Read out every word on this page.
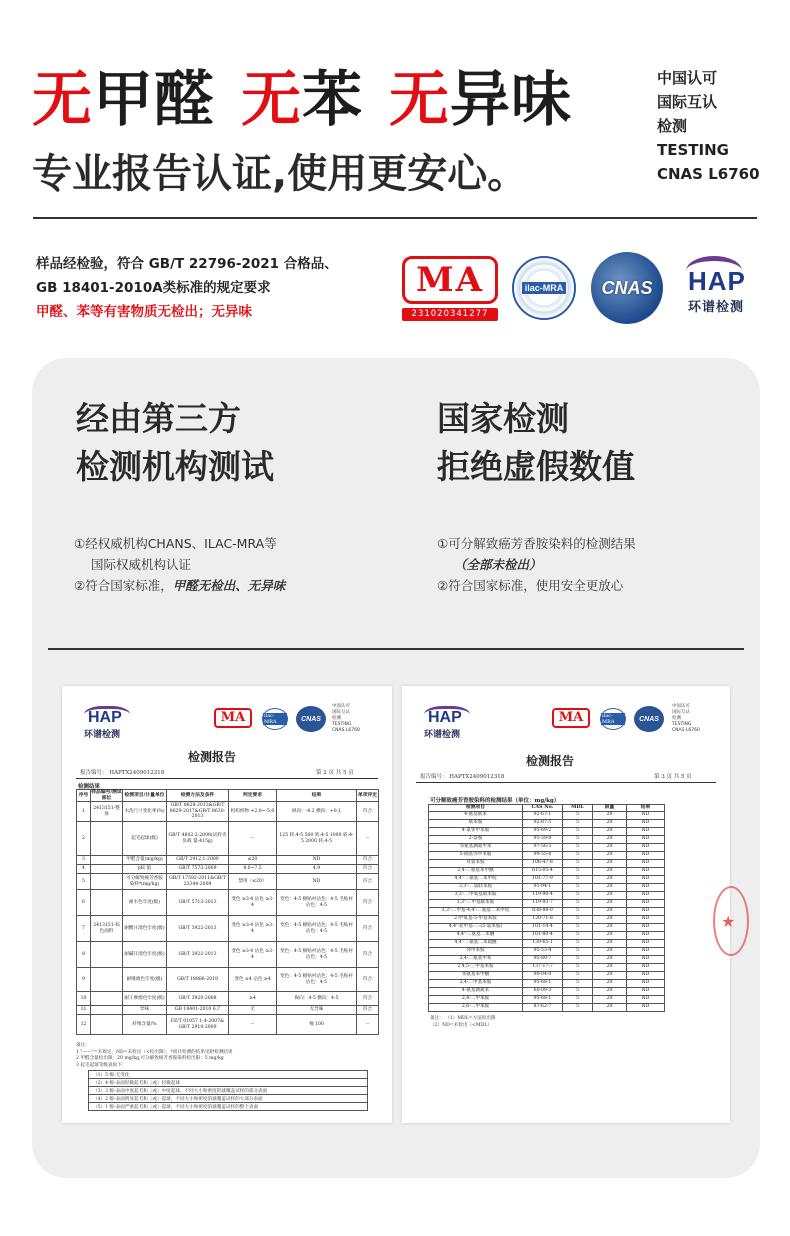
无甲醛 无苯 无异味
专业报告认证,使用更安心。
中国认可
国际互认
检测
TESTING
CNAS L6760
样品经检验，符合 GB/T 22796-2021 合格品、
GB 18401-2010A类标准的规定要求
甲醛、苯等有害物质无检出；无异味
MA
231020341277
ilac-MRA CNAS HAP
环谱检测
经由第三方
检测机构测试
国家检测
拒绝虚假数值
①经权威机构CHANS、ILAC-MRA等
国际权威机构认证
②符合国家标准，甲醛无检出、无异味
①可分解致癌芳香胺染料的检测结果
（全部未检出）
②符合国家标准，使用安全更放心
HAP
环谱检测
MA	ilac-MRA	CNAS
中国认可
国际互认
检测
TESTING
CNAS L6760
检测报告
报告编号： HAPTX2409012318	第 2 页 共 5 页
检测结果
序号	样品编号/测试部位	检测项目/计量单位	检测方法及条件	判定要求	结果	单项评定
1	2413151-整体	水洗尺寸变化率(%)	GB/T 8628-2013&GB/T 8629-2017&GB/T 8630-2013	机织织物 +2.0~-5.0	纵向：-4.2 横向：+0.1	符合
2		起毛起球(级)	GB/T 4802.2-2008(试样夹负载 量:415g)	--	125 转:4-5 500 转:4-5 1000 转:4-5 2000 转:4-5	--
3		甲醛含量(mg/kg)	GB/T 2912.1-2009	≤20	ND	符合
4		pH 值	GB/T 7573-2009	4.0~7.5	4.9	符合
5		可分解致癌芳香胺染料*(mg/kg)	GB/T 17592-2011&GB/T 23344-2009	禁用（≤20）	ND	符合
6		耐水色牢度(级)	GB/T 5713-2013	变色 ≥3-4 沾色 ≥3-4	变色：4-5 棉贴衬沾色：4-5 毛贴衬沾色：4-5	符合
7	2413151-棕色面料	耐酸汗渍色牢度(级)	GB/T 3922-2013	变色 ≥3-4 沾色 ≥3-4	变色：4-5 棉贴衬沾色：4-5 毛贴衬沾色：4-5	符合
8		耐碱汗渍色牢度(级)	GB/T 3922-2013	变色 ≥3-4 沾色 ≥3-4	变色：4-5 棉贴衬沾色：4-5 毛贴衬沾色：4-5	符合
9		耐唾液色牢度(级)	GB/T 18886-2019	变色 ≥4 沾色 ≥4	变色：4-5 棉贴衬沾色：4-5 毛贴衬沾色：4-5	符合
10		耐干摩擦色牢度(级)	GB/T 3920-2008	≥4	纵向：4-5 横向：4-5	符合
11		异味	GB 18401-2010 6.7	无	无异味	符合
12		纤维含量/%	FZ/T 01057.1-4-2007& GB/T 2910-2009	--	棉 100	--
备注：
1 "——"=未规定，ND=未检出（<检出限），*项目检测的结果见附检测结果
2 甲醛含量检出限：20 mg/kg,可分解致癌芳香胺染料检出限：5 mg/kg
3 起毛起球等级表如下：
（1）5 级-无变化
（2）4 级-表面轻微起毛和（或）轻微起球
（3）3 级-表面中度起毛和（或）中度起球，不同大小和密度的球覆盖试样的部分表面
（4）2 级-表面明显起毛和（或）起球，不同大小和密度的球覆盖试样的大部分表面
（5）1 级-表面严重起毛和（或）起球，不同大小和密度的球覆盖试样的整个表面
HAP
环谱检测
MA	ilac-MRA	CNAS
中国认可
国际互认
检测
TESTING
CNAS L6760
检测报告
报告编号： HAPTX2409012318	第 3 页 共 5 页
可分解致癌芳香胺染料的检测结果（单位：mg/kg）
检测项目	CAS No.	MDL	限量	结果
4-氨基联苯	92-67-1	5	20	ND
联苯胺	92-87-5	5	20	ND
4-氯邻甲苯胺	95-69-2	5	20	ND
2-萘胺	91-59-8	5	20	ND
邻氨基偶氮甲苯	97-56-3	5	20	ND
5-硝基邻甲苯胺	99-55-8	5	20	ND
对氯苯胺	106-47-8	5	20	ND
2,4-二氨基苯甲醚	615-05-4	5	20	ND
4,4'-二氨基二苯甲烷	101-77-9	5	20	ND
3,3'-二氯联苯胺	91-94-1	5	20	ND
3,3'-二甲氧基联苯胺	119-90-4	5	20	ND
3,3'-二甲基联苯胺	119-93-7	5	20	ND
3,3'-二甲基-4,4'-二氨基二苯甲烷	838-88-0	5	20	ND
2-甲氧基-5-甲基苯胺	120-71-8	5	20	ND
4,4'-亚甲基-二-(2-氯苯胺)	101-14-4	5	20	ND
4,4'-二氨基二苯醚	101-80-4	5	20	ND
4,4'-二氨基二苯硫醚	139-65-1	5	20	ND
邻甲苯胺	95-53-4	5	20	ND
2,4-二氨基甲苯	95-80-7	5	20	ND
2,4,5-三甲基苯胺	137-17-7	5	20	ND
邻氨基苯甲醚	90-04-0	5	20	ND
2,4-二甲基苯胺	95-68-1	5	20	ND
4-氨基偶氮苯	60-09-3	5	20	ND
2,4-二甲苯胺	95-68-1	5	20	ND
2,6-二甲苯胺	87-62-7	5	20	ND
备注： （1）MDL=方法检出限
（2）ND=未检出（<MDL）
★
